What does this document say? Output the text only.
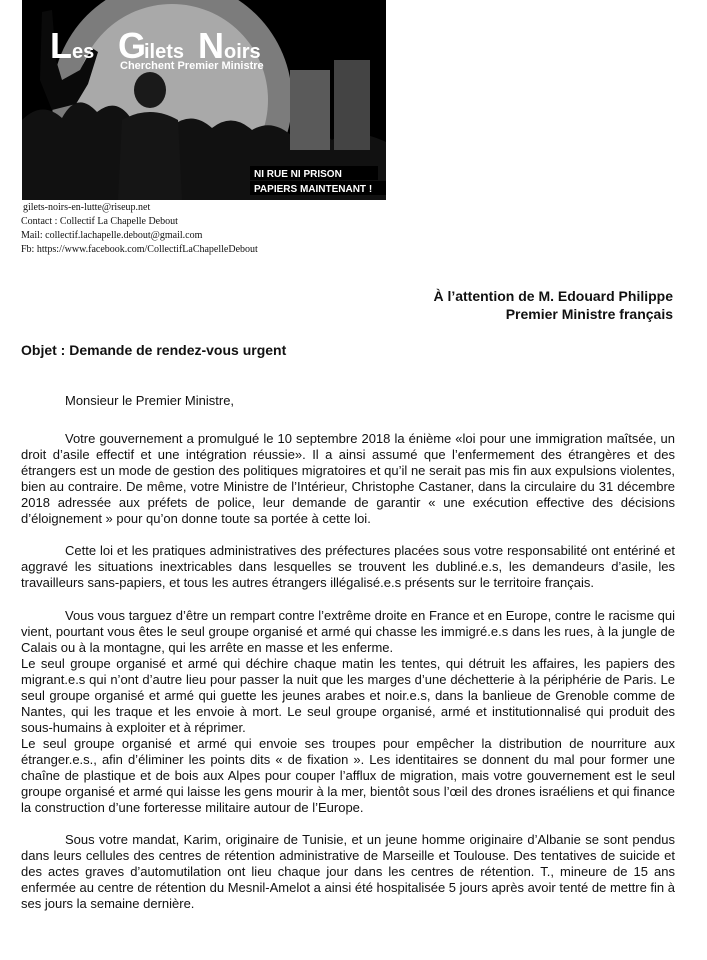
L es G
ilets N oirs
Cherchent Premier Ministre
NI RUE NI PRISON
PAPIERS MAINTENANT !
gilets-noirs-en-lutte@riseup.net
Contact : Collectif La Chapelle Debout
Mail: collectif.lachapelle.debout@gmail.com
Fb: https://www.facebook.com/CollectifLaChapelleDebout
À l’attention de M. Edouard Philippe
Premier Ministre français
Objet : Demande de rendez-vous urgent

Monsieur le Premier Ministre,

Votre gouvernement a promulgué le 10 septembre 2018 la énième «loi pour une immigration maîtsée, un droit d’asile effectif et une intégration réussie». Il a ainsi assumé que l’enfermement des étrangères et des étrangers est un mode de gestion des politiques migratoires et qu’il ne serait pas mis fin aux expulsions violentes, bien au contraire. De même, votre Ministre de l’Intérieur, Christophe Castaner, dans la circulaire du 31 décembre 2018 adressée aux préfets de police, leur demande de garantir « une exécution effective des décisions d’éloignement » pour qu’on donne toute sa portée à cette loi.

Cette loi et les pratiques administratives des préfectures placées sous votre responsabilité ont entériné et aggravé les situations inextricables dans lesquelles se trouvent les dubliné.e.s, les demandeurs d’asile, les travailleurs sans-papiers, et tous les autres étrangers illégalisé.e.s présents sur le territoire français.

Vous vous targuez d’être un rempart contre l’extrême droite en France et en Europe, contre le racisme qui vient, pourtant vous êtes le seul groupe organisé et armé qui chasse les immigré.e.s dans les rues, à la jungle de Calais ou à la montagne, qui les arrête en masse et les enferme.

Le seul groupe organisé et armé qui déchire chaque matin les tentes, qui détruit les affaires, les papiers des migrant.e.s qui n’ont d’autre lieu pour passer la nuit que les marges d’une déchetterie à la périphérie de Paris. Le seul groupe organisé et armé qui guette les jeunes arabes et noir.e.s, dans la banlieue de Grenoble comme de Nantes, qui les traque et les envoie à mort. Le seul groupe organisé, armé et institutionnalisé qui produit des sous-humains à exploiter et à réprimer.

Le seul groupe organisé et armé qui envoie ses troupes pour empêcher la distribution de nourriture aux étranger.e.s., afin d’éliminer les points dits « de fixation ». Les identitaires se donnent du mal pour former une chaîne de plastique et de bois aux Alpes pour couper l’afflux de migration, mais votre gouvernement est le seul groupe organisé et armé qui laisse les gens mourir à la mer, bientôt sous l’œil des drones israéliens et qui finance la construction d’une forteresse militaire autour de l’Europe.

Sous votre mandat, Karim, originaire de Tunisie, et un jeune homme originaire d’Albanie se sont pendus dans leurs cellules des centres de rétention administrative de Marseille et Toulouse. Des tentatives de suicide et des actes graves d’automutilation ont lieu chaque jour dans les centres de rétention. T., mineure de 15 ans enfermée au centre de rétention du Mesnil-Amelot a ainsi été hospitalisée 5 jours après avoir tenté de mettre fin à ses jours la semaine dernière.
